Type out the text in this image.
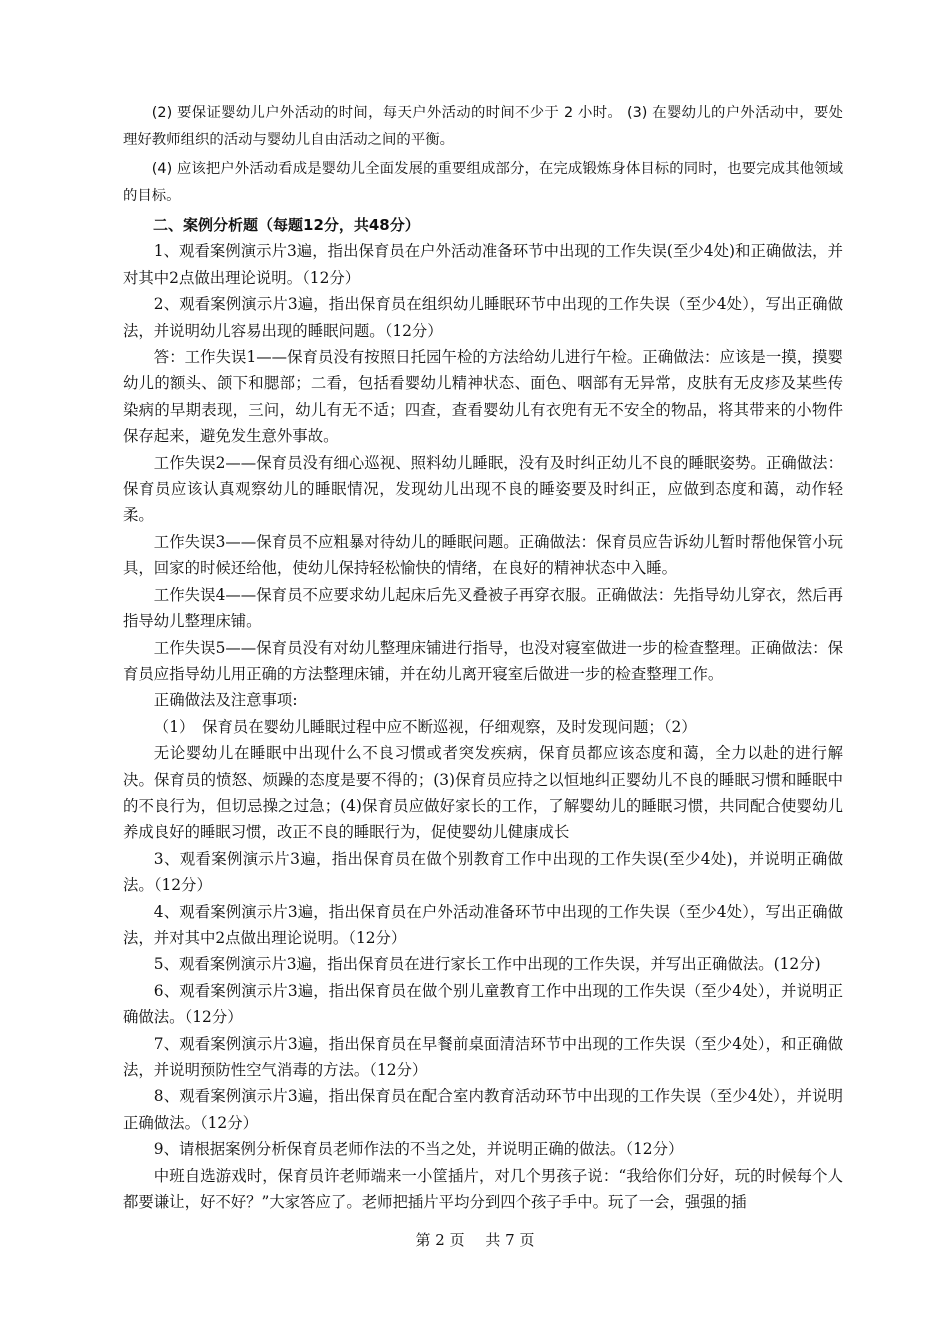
(2) 要保证婴幼儿户外活动的时间，每天户外活动的时间不少于 2 小时。 (3) 在婴幼儿的户外活动中，要处理好教师组织的活动与婴幼儿自由活动之间的平衡。

(4) 应该把户外活动看成是婴幼儿全面发展的重要组成部分，在完成锻炼身体目标的同时，也要完成其他领域的目标。

二、案例分析题（每题12分，共48分）

1、观看案例演示片3遍，指出保育员在户外活动准备环节中出现的工作失误(至少4处)和正确做法，并对其中2点做出理论说明。（12分）

2、观看案例演示片3遍，指出保育员在组织幼儿睡眠环节中出现的工作失误（至少4处），写出正确做法，并说明幼儿容易出现的睡眠问题。（12分）

答：工作失误1——保育员没有按照日托园午检的方法给幼儿进行午检。正确做法：应该是一摸，摸婴幼儿的额头、颌下和腮部；二看，包括看婴幼儿精神状态、面色、咽部有无异常，皮肤有无皮疹及某些传染病的早期表现，三问，幼儿有无不适；四查，查看婴幼儿有衣兜有无不安全的物品，将其带来的小物件保存起来，避免发生意外事故。

工作失误2——保育员没有细心巡视、照料幼儿睡眠，没有及时纠正幼儿不良的睡眠姿势。正确做法：保育员应该认真观察幼儿的睡眠情况，发现幼儿出现不良的睡姿要及时纠正，应做到态度和蔼，动作轻柔。

工作失误3——保育员不应粗暴对待幼儿的睡眠问题。正确做法：保育员应告诉幼儿暂时帮他保管小玩具，回家的时候还给他，使幼儿保持轻松愉快的情绪，在良好的精神状态中入睡。

工作失误4——保育员不应要求幼儿起床后先叉叠被子再穿衣服。正确做法：先指导幼儿穿衣，然后再指导幼儿整理床铺。

工作失误5——保育员没有对幼儿整理床铺进行指导，也没对寝室做进一步的检查整理。正确做法：保育员应指导幼儿用正确的方法整理床铺，并在幼儿离开寝室后做进一步的检查整理工作。

正确做法及注意事项:

（1）　保育员在婴幼儿睡眠过程中应不断巡视，仔细观察，及时发现问题；（2）

无论婴幼儿在睡眠中出现什么不良习惯或者突发疾病，保育员都应该态度和蔼，全力以赴的进行解决。保育员的愤怒、烦躁的态度是要不得的；(3)保育员应持之以恒地纠正婴幼儿不良的睡眠习惯和睡眠中的不良行为，但切忌操之过急；(4)保育员应做好家长的工作，了解婴幼儿的睡眠习惯，共同配合使婴幼儿养成良好的睡眠习惯，改正不良的睡眠行为，促使婴幼儿健康成长

3、观看案例演示片3遍，指出保育员在做个别教育工作中出现的工作失误(至少4处)，并说明正确做法。（12分）

4、观看案例演示片3遍，指出保育员在户外活动准备环节中出现的工作失误（至少4处），写出正确做法，并对其中2点做出理论说明。（12分）

5、观看案例演示片3遍，指出保育员在进行家长工作中出现的工作失误，并写出正确做法。(12分)

6、观看案例演示片3遍，指出保育员在做个别儿童教育工作中出现的工作失误（至少4处），并说明正确做法。（12分）

7、观看案例演示片3遍，指出保育员在早餐前桌面清洁环节中出现的工作失误（至少4处），和正确做法，并说明预防性空气消毒的方法。（12分）

8、观看案例演示片3遍，指出保育员在配合室内教育活动环节中出现的工作失误（至少4处），并说明正确做法。（12分）

9、请根据案例分析保育员老师作法的不当之处，并说明正确的做法。（12分）

中班自选游戏时，保育员许老师端来一小筐插片，对几个男孩子说：“我给你们分好，玩的时候每个人都要谦让，好不好？”大家答应了。老师把插片平均分到四个孩子手中。玩了一会，强强的插

第 2 页 共 7 页
